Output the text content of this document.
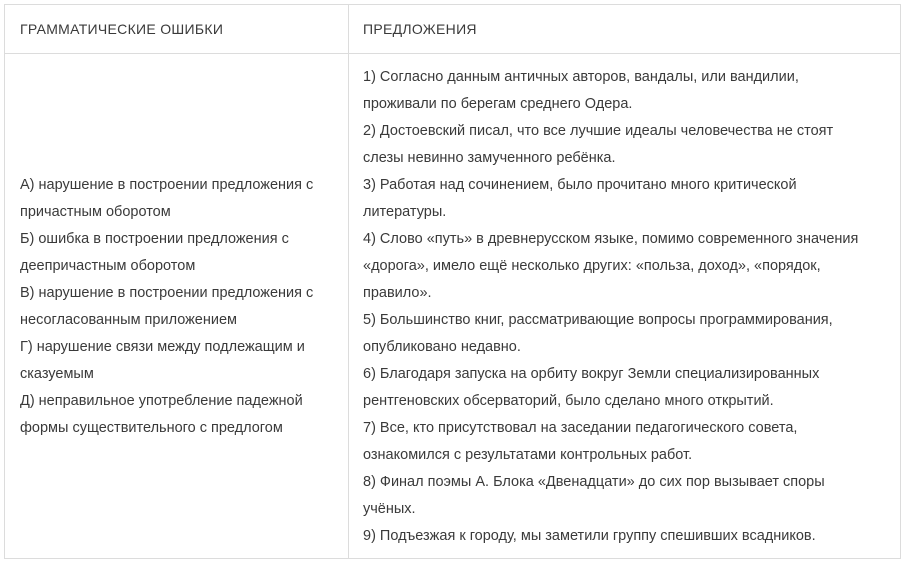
ГРАММАТИЧЕСКИЕ ОШИБКИ	ПРЕДЛОЖЕНИЯ
А) нарушение в построении предложения с
причастным оборотом
Б) ошибка в построении предложения с
деепричастным оборотом
В) нарушение в построении предложения с
несогласованным приложением
Г) нарушение связи между подлежащим и
сказуемым
Д) неправильное употребление падежной
формы существительного с предлогом
1) Согласно данным античных авторов, вандалы, или вандилии,
проживали по берегам среднего Одера.
2) Достоевский писал, что все лучшие идеалы человечества не стоят
слезы невинно замученного ребёнка.
3) Работая над сочинением, было прочитано много критической
литературы.
4) Слово «путь» в древнерусском языке, помимо современного значения
«дорога», имело ещё несколько других: «польза, доход», «порядок,
правило».
5) Большинство книг, рассматривающие вопросы программирования,
опубликовано недавно.
6) Благодаря запуска на орбиту вокруг Земли специализированных
рентгеновских обсерваторий, было сделано много открытий.
7) Все, кто присутствовал на заседании педагогического совета,
ознакомился с результатами контрольных работ.
8) Финал поэмы А. Блока «Двенадцати» до сих пор вызывает споры
учёных.
9) Подъезжая к городу, мы заметили группу спешивших всадников.
